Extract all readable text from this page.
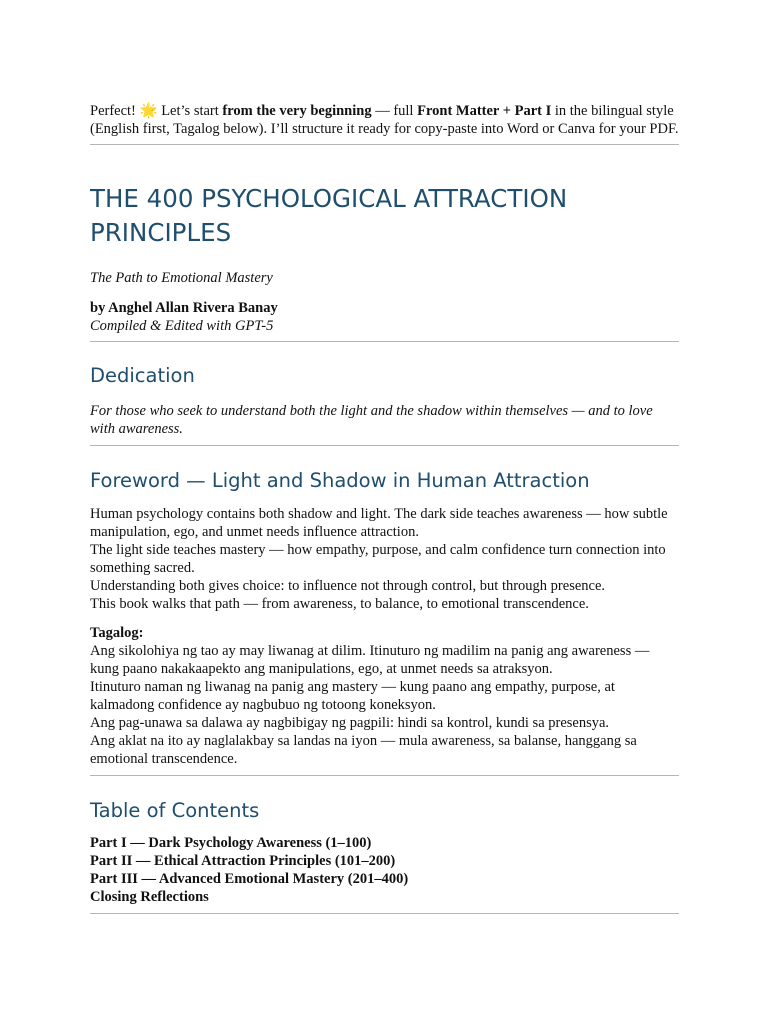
Perfect! 🌟 Let’s start from the very beginning — full Front Matter + Part I in the bilingual style (English first, Tagalog below). I’ll structure it ready for copy-paste into Word or Canva for your PDF.

THE 400 PSYCHOLOGICAL ATTRACTION PRINCIPLES

The Path to Emotional Mastery

by Anghel Allan Rivera Banay

Compiled & Edited with GPT-5

Dedication

For those who seek to understand both the light and the shadow within themselves — and to love with awareness.

Foreword — Light and Shadow in Human Attraction

Human psychology contains both shadow and light. The dark side teaches awareness — how subtle manipulation, ego, and unmet needs influence attraction.

The light side teaches mastery — how empathy, purpose, and calm confidence turn connection into something sacred.

Understanding both gives choice: to influence not through control, but through presence.

This book walks that path — from awareness, to balance, to emotional transcendence.

Tagalog:

Ang sikolohiya ng tao ay may liwanag at dilim. Itinuturo ng madilim na panig ang awareness — kung paano nakakaapekto ang manipulations, ego, at unmet needs sa atraksyon.

Itinuturo naman ng liwanag na panig ang mastery — kung paano ang empathy, purpose, at kalmadong confidence ay nagbubuo ng totoong koneksyon.

Ang pag-unawa sa dalawa ay nagbibigay ng pagpili: hindi sa kontrol, kundi sa presensya.

Ang aklat na ito ay naglalakbay sa landas na iyon — mula awareness, sa balanse, hanggang sa emotional transcendence.

Table of Contents

Part I — Dark Psychology Awareness (1–100)

Part II — Ethical Attraction Principles (101–200)

Part III — Advanced Emotional Mastery (201–400)

Closing Reflections
